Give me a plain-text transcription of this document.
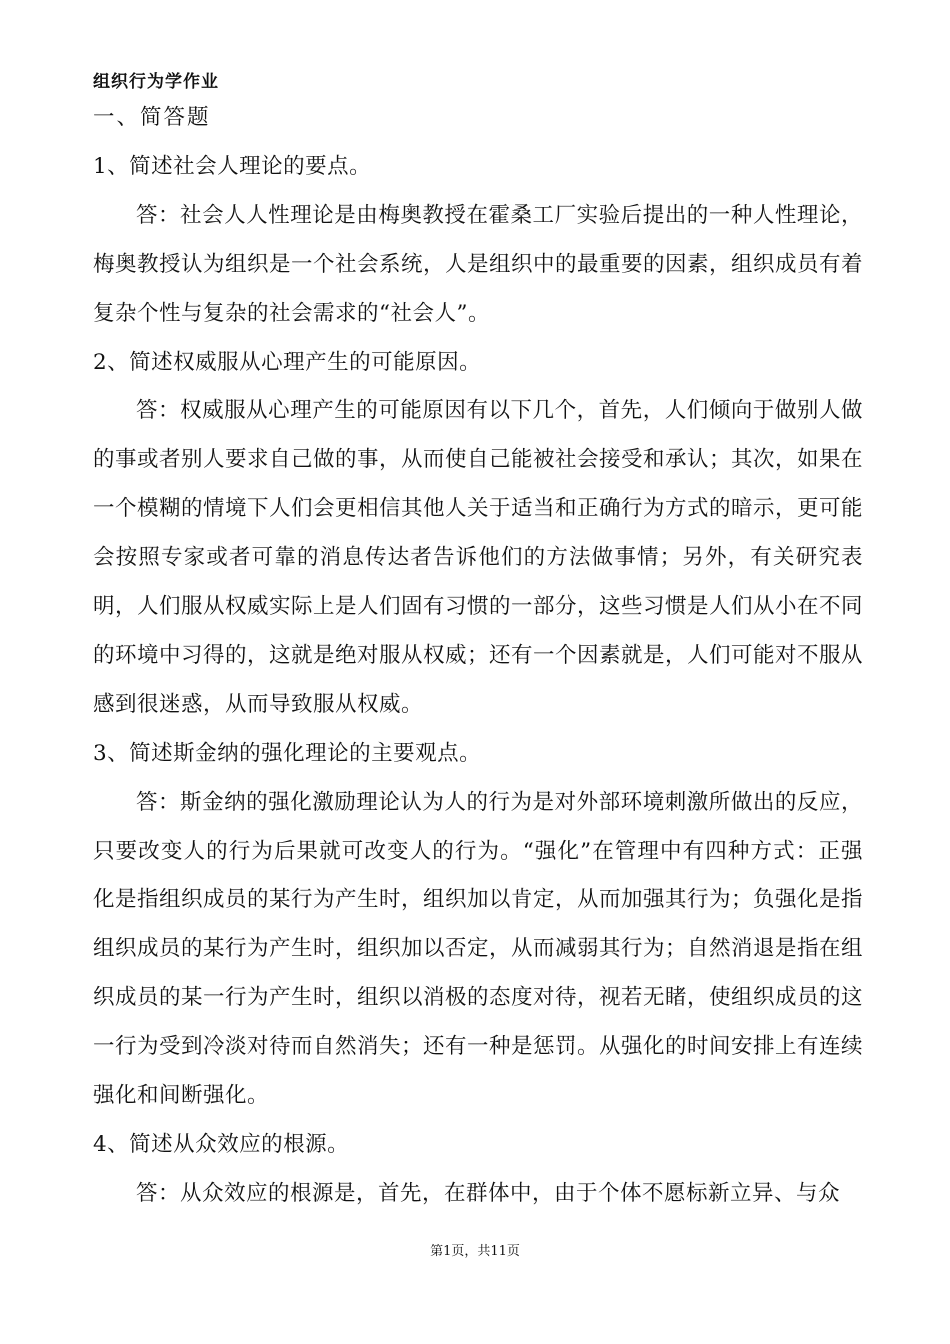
组织行为学作业
一、简答题
1、简述社会人理论的要点。

答：社会人人性理论是由梅奥教授在霍桑工厂实验后提出的一种人性理论，梅奥教授认为组织是一个社会系统，人是组织中的最重要的因素，组织成员有着复杂个性与复杂的社会需求的“社会人”。

2、简述权威服从心理产生的可能原因。

答：权威服从心理产生的可能原因有以下几个，首先，人们倾向于做别人做的事或者别人要求自己做的事，从而使自己能被社会接受和承认；其次，如果在一个模糊的情境下人们会更相信其他人关于适当和正确行为方式的暗示，更可能会按照专家或者可靠的消息传达者告诉他们的方法做事情；另外，有关研究表明，人们服从权威实际上是人们固有习惯的一部分，这些习惯是人们从小在不同的环境中习得的，这就是绝对服从权威；还有一个因素就是，人们可能对不服从感到很迷惑，从而导致服从权威。

3、简述斯金纳的强化理论的主要观点。

答：斯金纳的强化激励理论认为人的行为是对外部环境刺激所做出的反应，只要改变人的行为后果就可改变人的行为。“强化”在管理中有四种方式：正强化是指组织成员的某行为产生时，组织加以肯定，从而加强其行为；负强化是指组织成员的某行为产生时，组织加以否定，从而减弱其行为；自然消退是指在组织成员的某一行为产生时，组织以消极的态度对待，视若无睹，使组织成员的这一行为受到冷淡对待而自然消失；还有一种是惩罚。从强化的时间安排上有连续强化和间断强化。

4、简述从众效应的根源。

答：从众效应的根源是，首先，在群体中，由于个体不愿标新立异、与众

第1页，共11页
